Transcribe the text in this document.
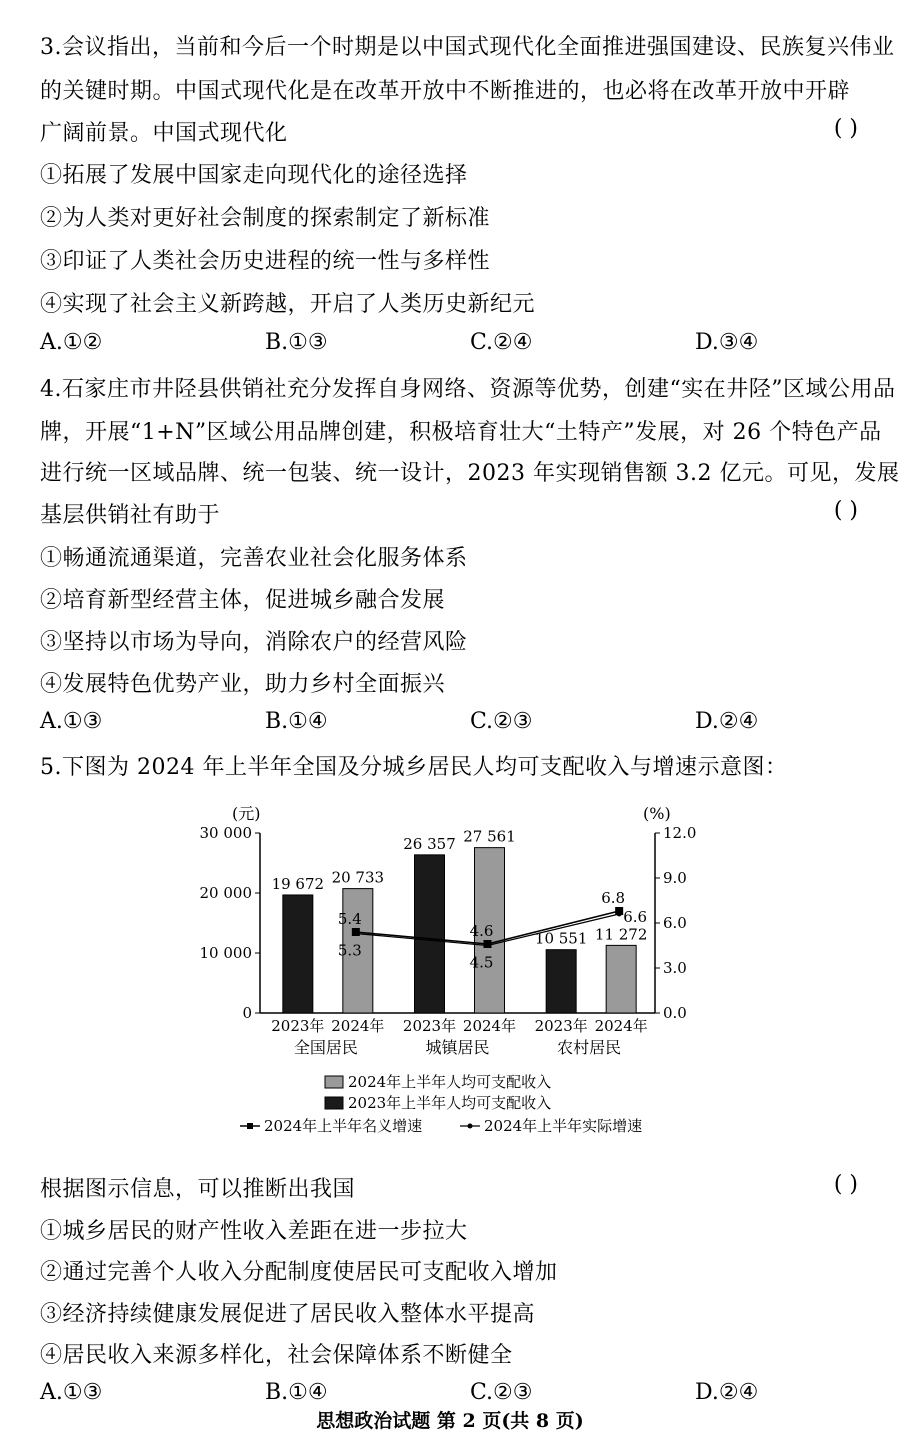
3.会议指出，当前和今后一个时期是以中国式现代化全面推进强国建设、民族复兴伟业
的关键时期。中国式现代化是在改革开放中不断推进的，也必将在改革开放中开辟
广阔前景。中国式现代化	( )
①拓展了发展中国家走向现代化的途径选择
②为人类对更好社会制度的探索制定了新标准
③印证了人类社会历史进程的统一性与多样性
④实现了社会主义新跨越，开启了人类历史新纪元
A.①②	B.①③	C.②④	D.③④
4.石家庄市井陉县供销社充分发挥自身网络、资源等优势，创建“实在井陉”区域公用品
牌，开展“1+N”区域公用品牌创建，积极培育壮大“土特产”发展，对 26 个特色产品
进行统一区域品牌、统一包装、统一设计，2023 年实现销售额 3.2 亿元。可见，发展
基层供销社有助于	( )
①畅通流通渠道，完善农业社会化服务体系
②培育新型经营主体，促进城乡融合发展
③坚持以市场为导向，消除农户的经营风险
④发展特色优势产业，助力乡村全面振兴
A.①③	B.①④	C.②③	D.②④
5.下图为 2024 年上半年全国及分城乡居民人均可支配收入与增速示意图：
(元)	(%)
30 000
20 000
10 000
0
12.0
9.0
6.0
3.0
0.0
19 672
2023年
20 733
2024年
全国居民
26 357
2023年
27 561
2024年
城镇居民
10 551
2023年
11 272
2024年
农村居民
5.4
4.6
6.8
5.3
4.5
6.6
2024年上半年人均可支配收入
2023年上半年人均可支配收入
2024年上半年名义增速	2024年上半年实际增速
根据图示信息，可以推断出我国	( )
①城乡居民的财产性收入差距在进一步拉大
②通过完善个人收入分配制度使居民可支配收入增加
③经济持续健康发展促进了居民收入整体水平提高
④居民收入来源多样化，社会保障体系不断健全
A.①③	B.①④	C.②③	D.②④
思想政治试题 第 2 页(共 8 页)
